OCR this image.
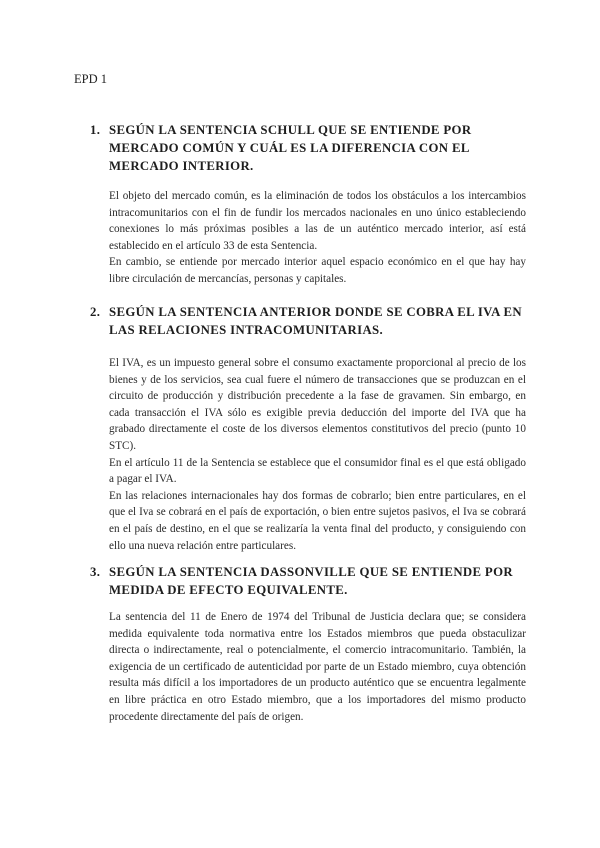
EPD 1
1. SEGÚN LA SENTENCIA SCHULL QUE SE ENTIENDE POR MERCADO COMÚN Y CUÁL ES LA DIFERENCIA CON EL MERCADO INTERIOR.

El objeto del mercado común, es la eliminación de todos los obstáculos a los intercambios intracomunitarios con el fin de fundir los mercados nacionales en uno único estableciendo conexiones lo más próximas posibles a las de un auténtico mercado interior, así está establecido en el artículo 33 de esta Sentencia.

En cambio, se entiende por mercado interior aquel espacio económico en el que hay hay libre circulación de mercancías, personas y capitales.

2. SEGÚN LA SENTENCIA ANTERIOR DONDE SE COBRA EL IVA EN LAS RELACIONES INTRACOMUNITARIAS.

El IVA, es un impuesto general sobre el consumo exactamente proporcional al precio de los bienes y de los servicios, sea cual fuere el número de transacciones que se produzcan en el circuito de producción y distribución precedente a la fase de gravamen. Sin embargo, en cada transacción el IVA sólo es exigible previa deducción del importe del IVA que ha grabado directamente el coste de los diversos elementos constitutivos del precio (punto 10 STC).

En el artículo 11 de la Sentencia se establece que el consumidor final es el que está obligado a pagar el IVA.

En las relaciones internacionales hay dos formas de cobrarlo; bien entre particulares, en el que el Iva se cobrará en el país de exportación, o bien entre sujetos pasivos, el Iva se cobrará en el país de destino, en el que se realizaría la venta final del producto, y consiguiendo con ello una nueva relación entre particulares.

3. SEGÚN LA SENTENCIA DASSONVILLE QUE SE ENTIENDE POR MEDIDA DE EFECTO EQUIVALENTE.

La sentencia del 11 de Enero de 1974 del Tribunal de Justicia declara que; se considera medida equivalente toda normativa entre los Estados miembros que pueda obstaculizar directa o indirectamente, real o potencialmente, el comercio intracomunitario. También, la exigencia de un certificado de autenticidad por parte de un Estado miembro, cuya obtención resulta más difícil a los importadores de un producto auténtico que se encuentra legalmente en libre práctica en otro Estado miembro, que a los importadores del mismo producto procedente directamente del país de origen.
